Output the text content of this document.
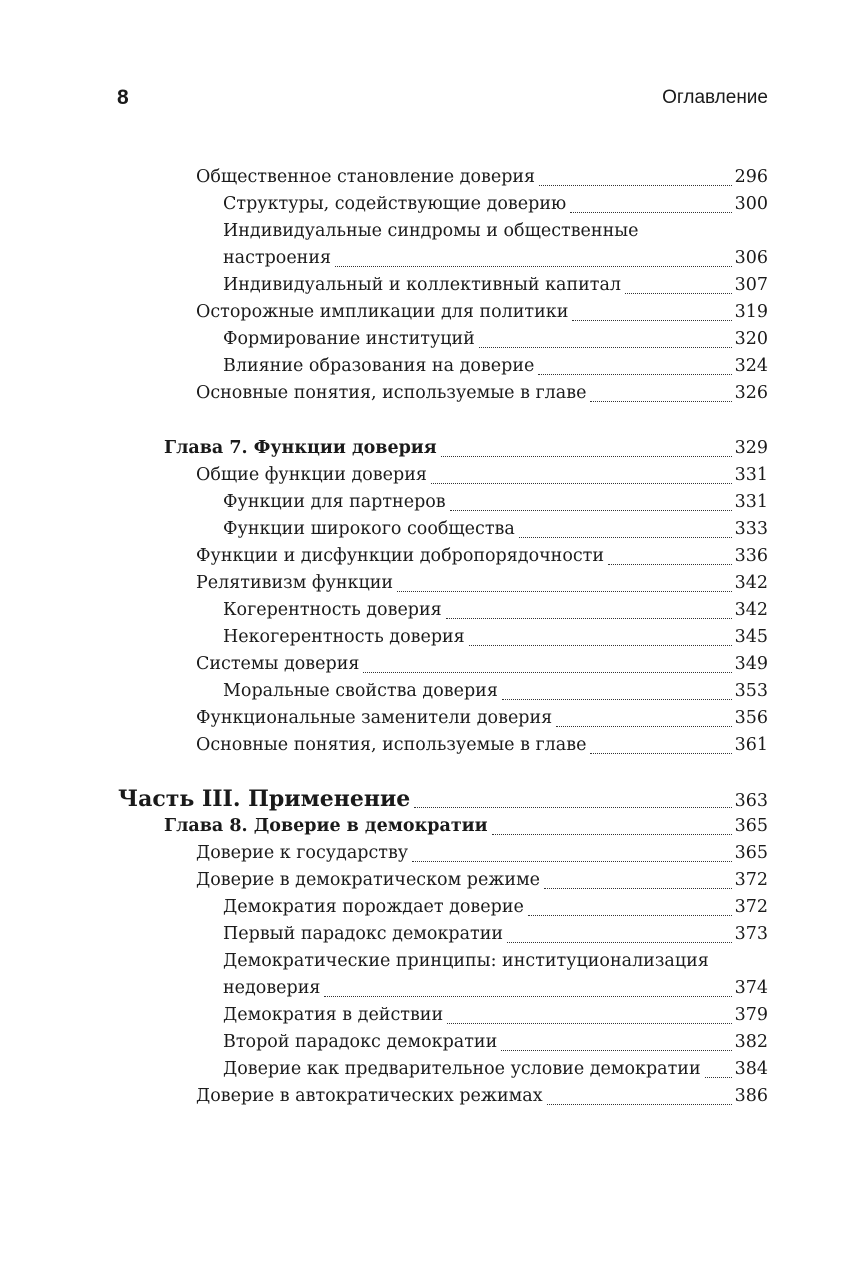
8	Оглавление
Общественное становление доверия	296
Структуры, содействующие доверию	300
Индивидуальные синдромы и общественные
настроения	306
Индивидуальный и коллективный капитал	307
Осторожные импликации для политики	319
Формирование институций	320
Влияние образования на доверие	324
Основные понятия, используемые в главе	326
Глава 7. Функции доверия	329
Общие функции доверия	331
Функции для партнеров	331
Функции широкого сообщества	333
Функции и дисфункции добропорядочности	336
Релятивизм функции	342
Когерентность доверия	342
Некогерентность доверия	345
Системы доверия	349
Моральные свойства доверия	353
Функциональные заменители доверия	356
Основные понятия, используемые в главе	361
Часть III. Применение	363
Глава 8. Доверие в демократии	365
Доверие к государству	365
Доверие в демократическом режиме	372
Демократия порождает доверие	372
Первый парадокс демократии	373
Демократические принципы: институционализация
недоверия	374
Демократия в действии	379
Второй парадокс демократии	382
Доверие как предварительное условие демократии 384
Доверие в автократических режимах	386
